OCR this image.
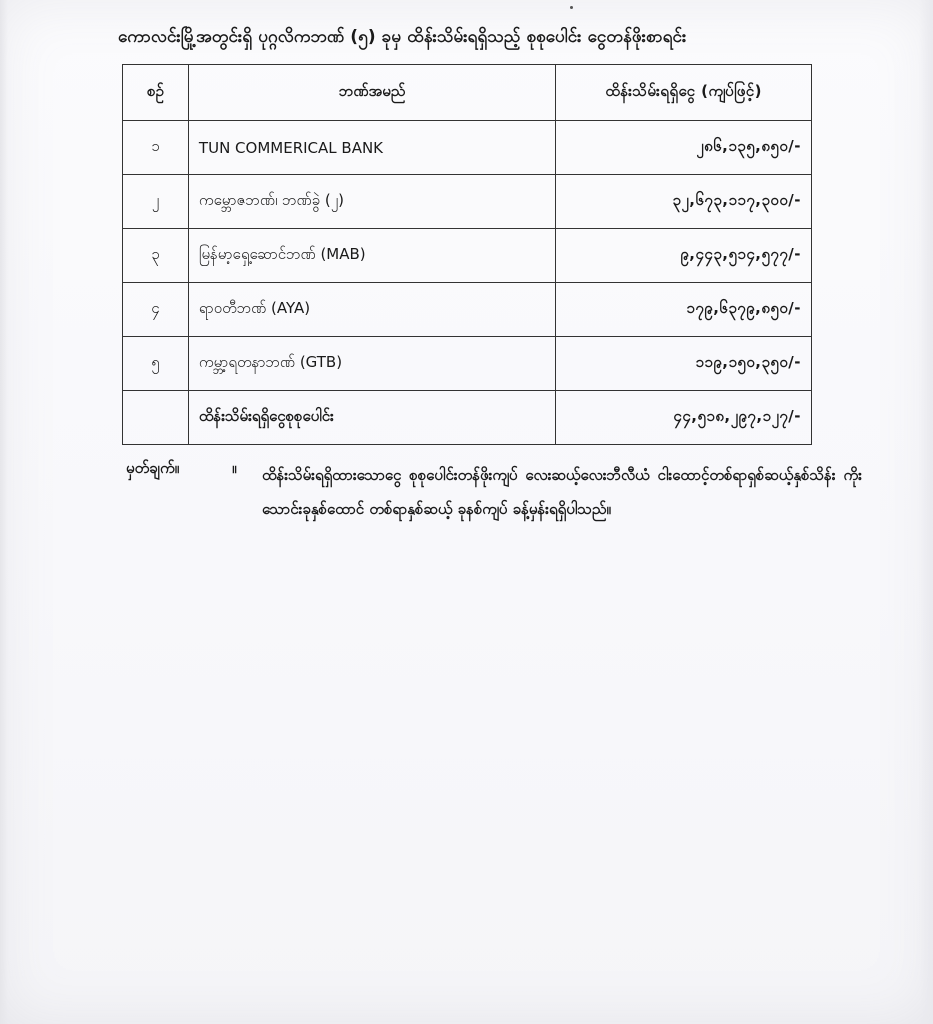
ကောလင်းမြို့အတွင်းရှိ ပုဂ္ဂလိကဘဏ် (၅) ခုမှ ထိန်းသိမ်းရရှိသည့် စုစုပေါင်း ငွေတန်ဖိုးစာရင်း
စဉ်	ဘဏ်အမည်	ထိန်းသိမ်းရရှိငွေ (ကျပ်ဖြင့်)
၁	TUN COMMERICAL BANK	၂၈၆,၁၃၅,၈၅၀/-
၂	ကမ္ဘောဇဘဏ်၊ ဘဏ်ခွဲ (၂)	၃၂,၆၇၃,၁၁၇,၃၀၀/-
၃	မြန်မာ့ရှေ့ဆောင်ဘဏ် (MAB)	၉,၄၄၃,၅၁၄,၅၇၇/-
၄	ရာဝတီဘဏ် (AYA)	၁၇၉,၆၃၇၉,၈၅၀/-
၅	ကမ္ဘာ့ရတနာဘဏ် (GTB)	၁၁၉,၁၅၀,၃၅၀/-
	ထိန်းသိမ်းရရှိငွေစုစုပေါင်း	၄၄,၅၁၈,၂၉၇,၁၂၇/-
မှတ်ချက်။	။ ထိန်းသိမ်းရရှိထားသောငွေ စုစုပေါင်းတန်ဖိုးကျပ် လေးဆယ့်လေးဘီလီယံ ငါးထောင့်တစ်ရာရှစ်ဆယ့်နှစ်သိန်း ကိုးသောင်းခုနှစ်ထောင် တစ်ရာနှစ်ဆယ့် ခုနစ်ကျပ် ခန့်မှန်းရရှိပါသည်။
